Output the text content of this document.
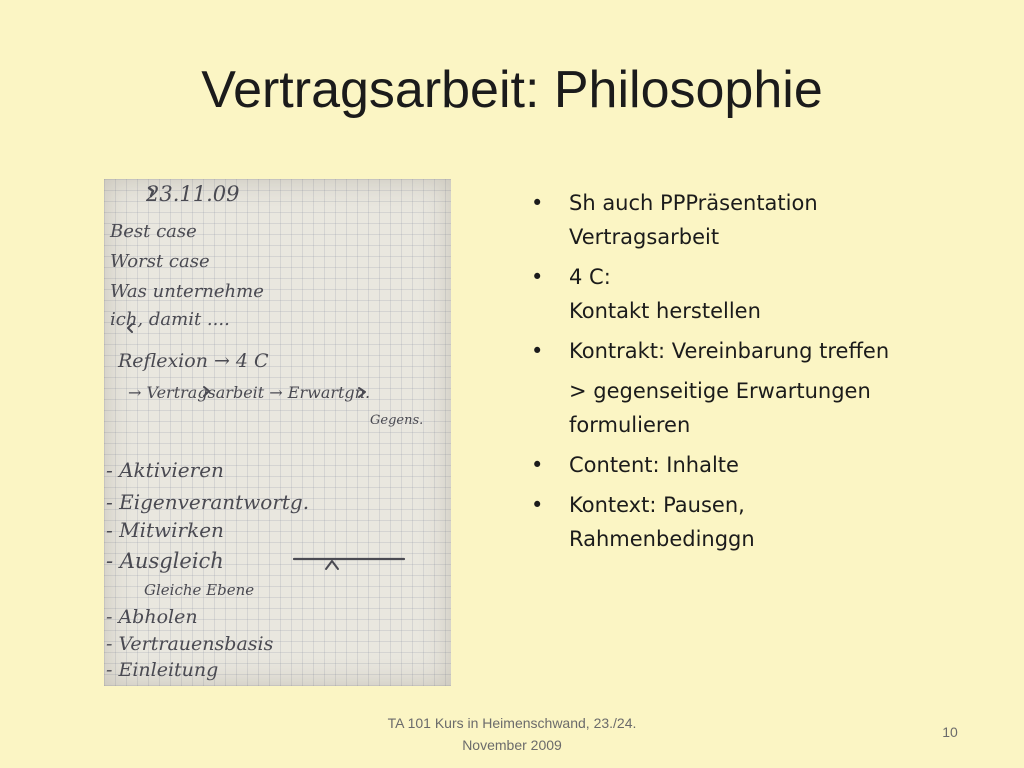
Vertragsarbeit: Philosophie
23.11.09
Best case
Worst case
Was unternehme
ich, damit ....
Reflexion → 4 C
→ Vertragsarbeit → Erwartgn.
Gegens.
- Aktivieren
- Eigenverantwortg.
- Mitwirken
- Ausgleich
Gleiche Ebene
- Abholen
- Vertrauensbasis
- Einleitung
•	Sh auch PPPräsentation
Vertragsarbeit
•	4 C:
Kontakt herstellen
•	Kontrakt: Vereinbarung treffen
> gegenseitige Erwartungen
formulieren
•	Content: Inhalte
•	Kontext: Pausen,
Rahmenbedinggn
TA 101 Kurs in Heimenschwand, 23./24.
November 2009
10
